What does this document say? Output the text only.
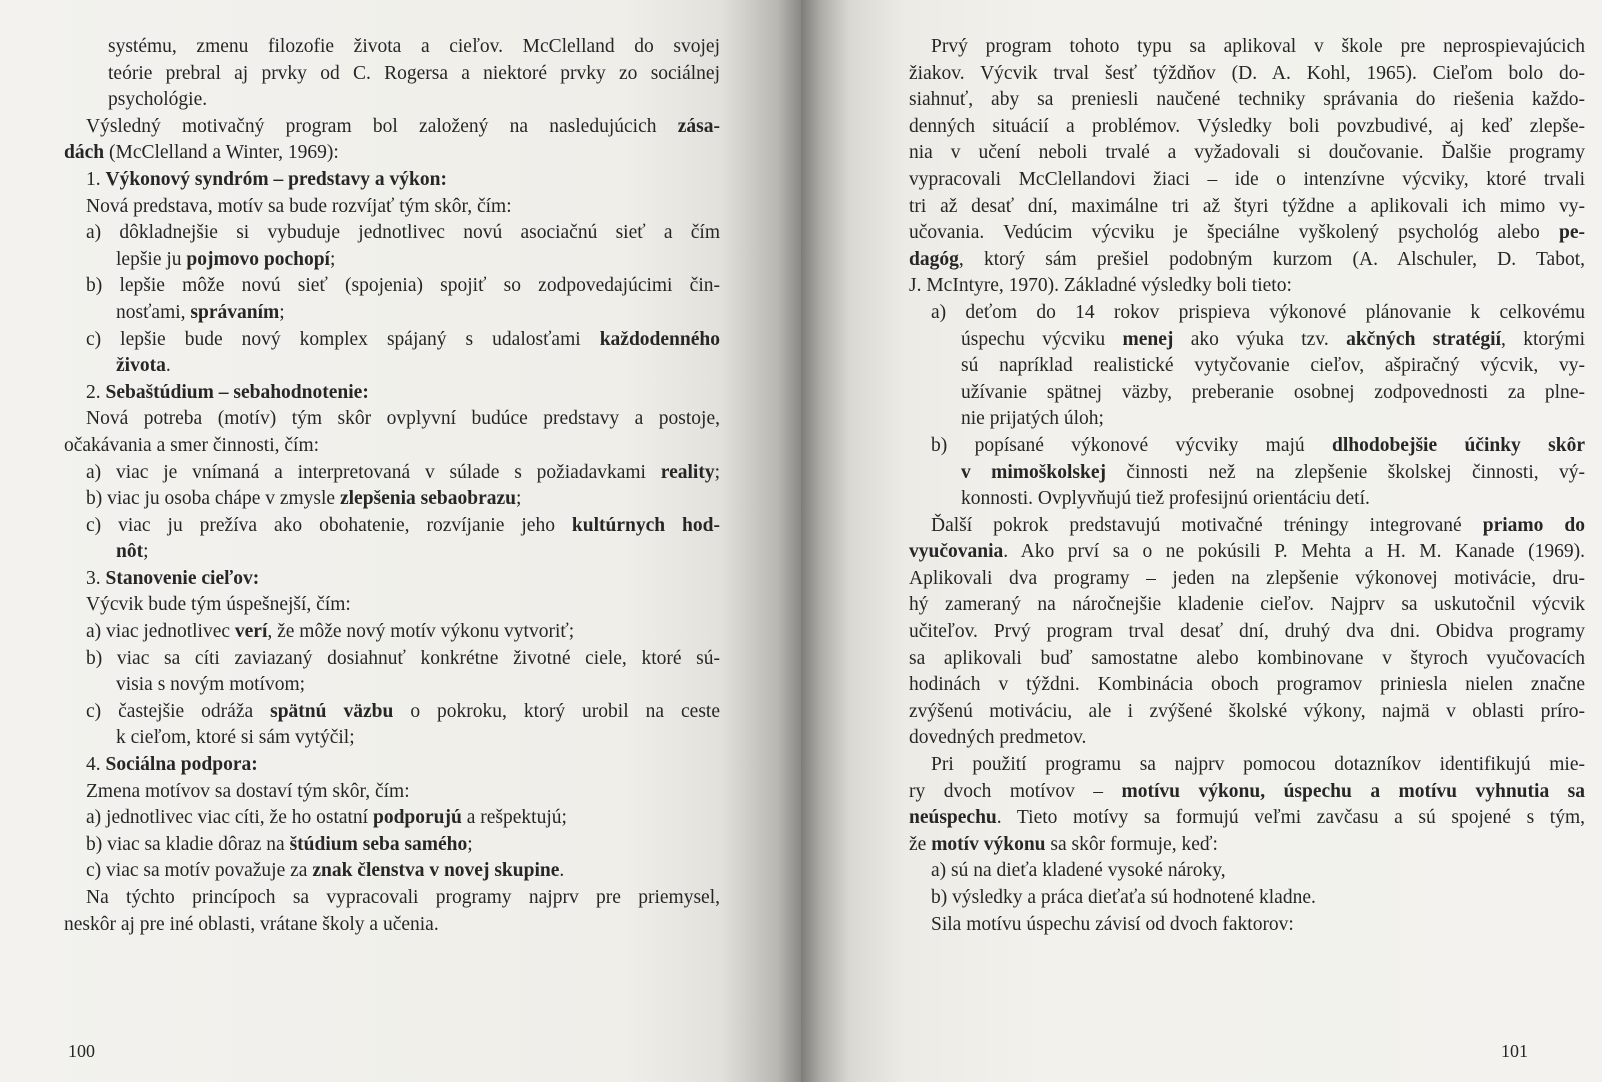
systému, zmenu filozofie života a cieľov. McClelland do svojej
teórie prebral aj prvky od C. Rogersa a niektoré prvky zo sociálnej
psychológie.
Výsledný motivačný program bol založený na nasledujúcich zása-
dách (McClelland a Winter, 1969):
1. Výkonový syndróm – predstavy a výkon:
Nová predstava, motív sa bude rozvíjať tým skôr, čím:
a) dôkladnejšie si vybuduje jednotlivec novú asociačnú sieť a čím
lepšie ju pojmovo pochopí;
b) lepšie môže novú sieť (spojenia) spojiť so zodpovedajúcimi čin-
nosťami, správaním;
c) lepšie bude nový komplex spájaný s udalosťami každodenného
života.
2. Sebaštúdium – sebahodnotenie:
Nová potreba (motív) tým skôr ovplyvní budúce predstavy a postoje,
očakávania a smer činnosti, čím:
a) viac je vnímaná a interpretovaná v súlade s požiadavkami reality;
b) viac ju osoba chápe v zmysle zlepšenia sebaobrazu;
c) viac ju prežíva ako obohatenie, rozvíjanie jeho kultúrnych hod-
nôt;
3. Stanovenie cieľov:
Výcvik bude tým úspešnejší, čím:
a) viac jednotlivec verí, že môže nový motív výkonu vytvoriť;
b) viac sa cíti zaviazaný dosiahnuť konkrétne životné ciele, ktoré sú-
visia s novým motívom;
c) častejšie odráža spätnú väzbu o pokroku, ktorý urobil na ceste
k cieľom, ktoré si sám vytýčil;
4. Sociálna podpora:
Zmena motívov sa dostaví tým skôr, čím:
a) jednotlivec viac cíti, že ho ostatní podporujú a rešpektujú;
b) viac sa kladie dôraz na štúdium seba samého;
c) viac sa motív považuje za znak členstva v novej skupine.
Na týchto princípoch sa vypracovali programy najprv pre priemysel,
neskôr aj pre iné oblasti, vrátane školy a učenia.
100
Prvý program tohoto typu sa aplikoval v škole pre neprospievajúcich
žiakov. Výcvik trval šesť týždňov (D. A. Kohl, 1965). Cieľom bolo do-
siahnuť, aby sa preniesli naučené techniky správania do riešenia každo-
denných situácií a problémov. Výsledky boli povzbudivé, aj keď zlepše-
nia v učení neboli trvalé a vyžadovali si doučovanie. Ďalšie programy
vypracovali McClellandovi žiaci – ide o intenzívne výcviky, ktoré trvali
tri až desať dní, maximálne tri až štyri týždne a aplikovali ich mimo vy-
učovania. Vedúcim výcviku je špeciálne vyškolený psychológ alebo pe-
dagóg, ktorý sám prešiel podobným kurzom (A. Alschuler, D. Tabot,
J. McIntyre, 1970). Základné výsledky boli tieto:
a) deťom do 14 rokov prispieva výkonové plánovanie k celkovému
úspechu výcviku menej ako výuka tzv. akčných stratégií, ktorými
sú napríklad realistické vytyčovanie cieľov, ašpiračný výcvik, vy-
užívanie spätnej väzby, preberanie osobnej zodpovednosti za plne-
nie prijatých úloh;
b) popísané výkonové výcviky majú dlhodobejšie účinky skôr
v mimoškolskej činnosti než na zlepšenie školskej činnosti, vý-
konnosti. Ovplyvňujú tiež profesijnú orientáciu detí.
Ďalší pokrok predstavujú motivačné tréningy integrované priamo do
vyučovania. Ako prví sa o ne pokúsili P. Mehta a H. M. Kanade (1969).
Aplikovali dva programy – jeden na zlepšenie výkonovej motivácie, dru-
hý zameraný na náročnejšie kladenie cieľov. Najprv sa uskutočnil výcvik
učiteľov. Prvý program trval desať dní, druhý dva dni. Obidva programy
sa aplikovali buď samostatne alebo kombinovane v štyroch vyučovacích
hodinách v týždni. Kombinácia oboch programov priniesla nielen značne
zvýšenú motiváciu, ale i zvýšené školské výkony, najmä v oblasti príro-
dovedných predmetov.
Pri použití programu sa najprv pomocou dotazníkov identifikujú mie-
ry dvoch motívov – motívu výkonu, úspechu a motívu vyhnutia sa
neúspechu. Tieto motívy sa formujú veľmi zavčasu a sú spojené s tým,
že motív výkonu sa skôr formuje, keď:
a) sú na dieťa kladené vysoké nároky,
b) výsledky a práca dieťaťa sú hodnotené kladne.
Sila motívu úspechu závisí od dvoch faktorov:
101
